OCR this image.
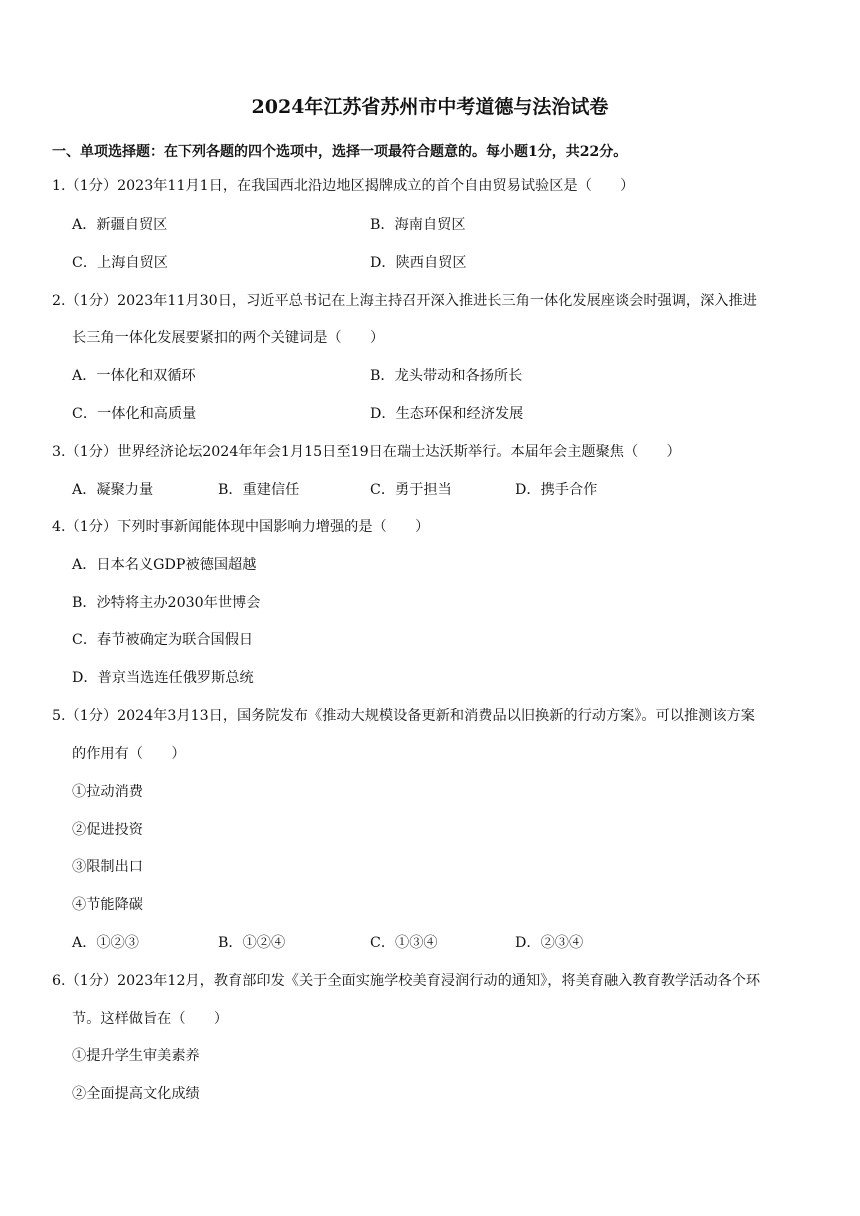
2024年江苏省苏州市中考道德与法治试卷
一、单项选择题：在下列各题的四个选项中，选择一项最符合题意的。每小题1分，共22分。
1.（1分）2023年11月1日，在我国西北沿边地区揭牌成立的首个自由贸易试验区是（　　）
A．新疆自贸区	B．海南自贸区
C．上海自贸区	D．陕西自贸区
2.（1分）2023年11月30日，习近平总书记在上海主持召开深入推进长三角一体化发展座谈会时强调，深入推进
长三角一体化发展要紧扣的两个关键词是（　　）
A．一体化和双循环	B．龙头带动和各扬所长
C．一体化和高质量	D．生态环保和经济发展
3.（1分）世界经济论坛2024年年会1月15日至19日在瑞士达沃斯举行。本届年会主题聚焦（　　）
A．凝聚力量	B．重建信任	C．勇于担当	D．携手合作
4.（1分）下列时事新闻能体现中国影响力增强的是（　　）
A．日本名义GDP被德国超越
B．沙特将主办2030年世博会
C．春节被确定为联合国假日
D．普京当选连任俄罗斯总统
5.（1分）2024年3月13日，国务院发布《推动大规模设备更新和消费品以旧换新的行动方案》。可以推测该方案
的作用有（　　）
①拉动消费
②促进投资
③限制出口
④节能降碳
A．①②③	B．①②④	C．①③④	D．②③④
6.（1分）2023年12月，教育部印发《关于全面实施学校美育浸润行动的通知》，将美育融入教育教学活动各个环
节。这样做旨在（　　）
①提升学生审美素养
②全面提高文化成绩
